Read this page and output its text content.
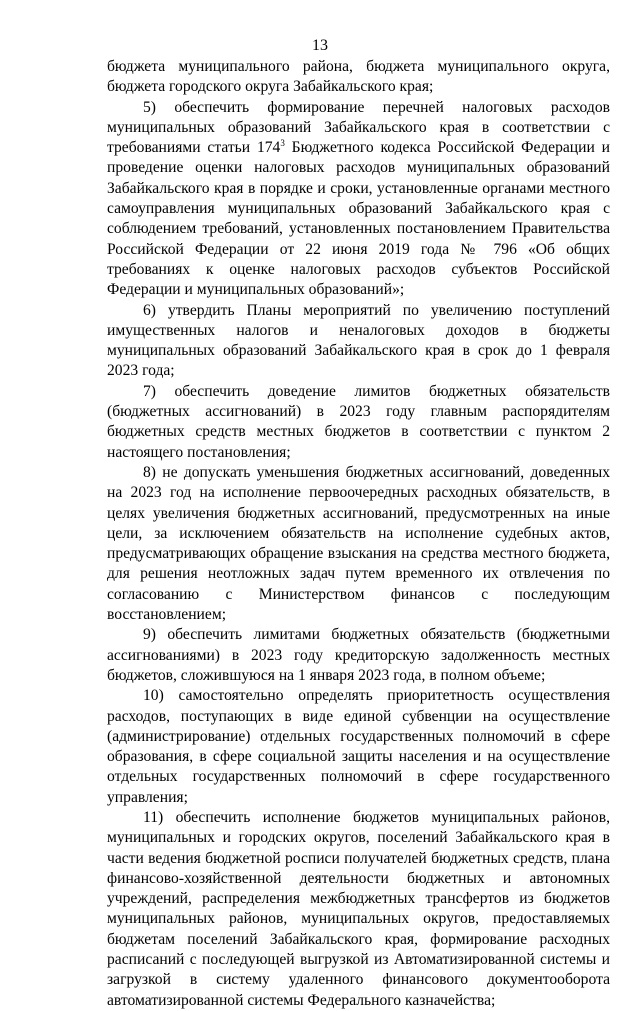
13

бюджета муниципального района, бюджета муниципального округа, бюджета городского округа Забайкальского края;

5) обеспечить формирование перечней налоговых расходов муниципальных образований Забайкальского края в соответствии с требованиями статьи $174^3$ Бюджетного кодекса Российской Федерации и проведение оценки налоговых расходов муниципальных образований Забайкальского края в порядке и сроки, установленные органами местного самоуправления муниципальных образований Забайкальского края с соблюдением требований, установленных постановлением Правительства Российской Федерации от 22 июня 2019 года № 796 «Об общих требованиях к оценке налоговых расходов субъектов Российской Федерации и муниципальных образований»;

6) утвердить Планы мероприятий по увеличению поступлений имущественных налогов и неналоговых доходов в бюджеты муниципальных образований Забайкальского края в срок до 1 февраля 2023 года;

7) обеспечить доведение лимитов бюджетных обязательств (бюджетных ассигнований) в 2023 году главным распорядителям бюджетных средств местных бюджетов в соответствии с пунктом 2 настоящего постановления;

8) не допускать уменьшения бюджетных ассигнований, доведенных на 2023 год на исполнение первоочередных расходных обязательств, в целях увеличения бюджетных ассигнований, предусмотренных на иные цели, за исключением обязательств на исполнение судебных актов, предусматривающих обращение взыскания на средства местного бюджета, для решения неотложных задач путем временного их отвлечения по согласованию с Министерством финансов с последующим восстановлением;

9) обеспечить лимитами бюджетных обязательств (бюджетными ассигнованиями) в 2023 году кредиторскую задолженность местных бюджетов, сложившуюся на 1 января 2023 года, в полном объеме;

10) самостоятельно определять приоритетность осуществления расходов, поступающих в виде единой субвенции на осуществление (администрирование) отдельных государственных полномочий в сфере образования, в сфере социальной защиты населения и на осуществление отдельных государственных полномочий в сфере государственного управления;

11) обеспечить исполнение бюджетов муниципальных районов, муниципальных и городских округов, поселений Забайкальского края в части ведения бюджетной росписи получателей бюджетных средств, плана финансово-хозяйственной деятельности бюджетных и автономных учреждений, распределения межбюджетных трансфертов из бюджетов муниципальных районов, муниципальных округов, предоставляемых бюджетам поселений Забайкальского края, формирование расходных расписаний с последующей выгрузкой из Автоматизированной системы и загрузкой в систему удаленного финансового документооборота автоматизированной системы Федерального казначейства;
